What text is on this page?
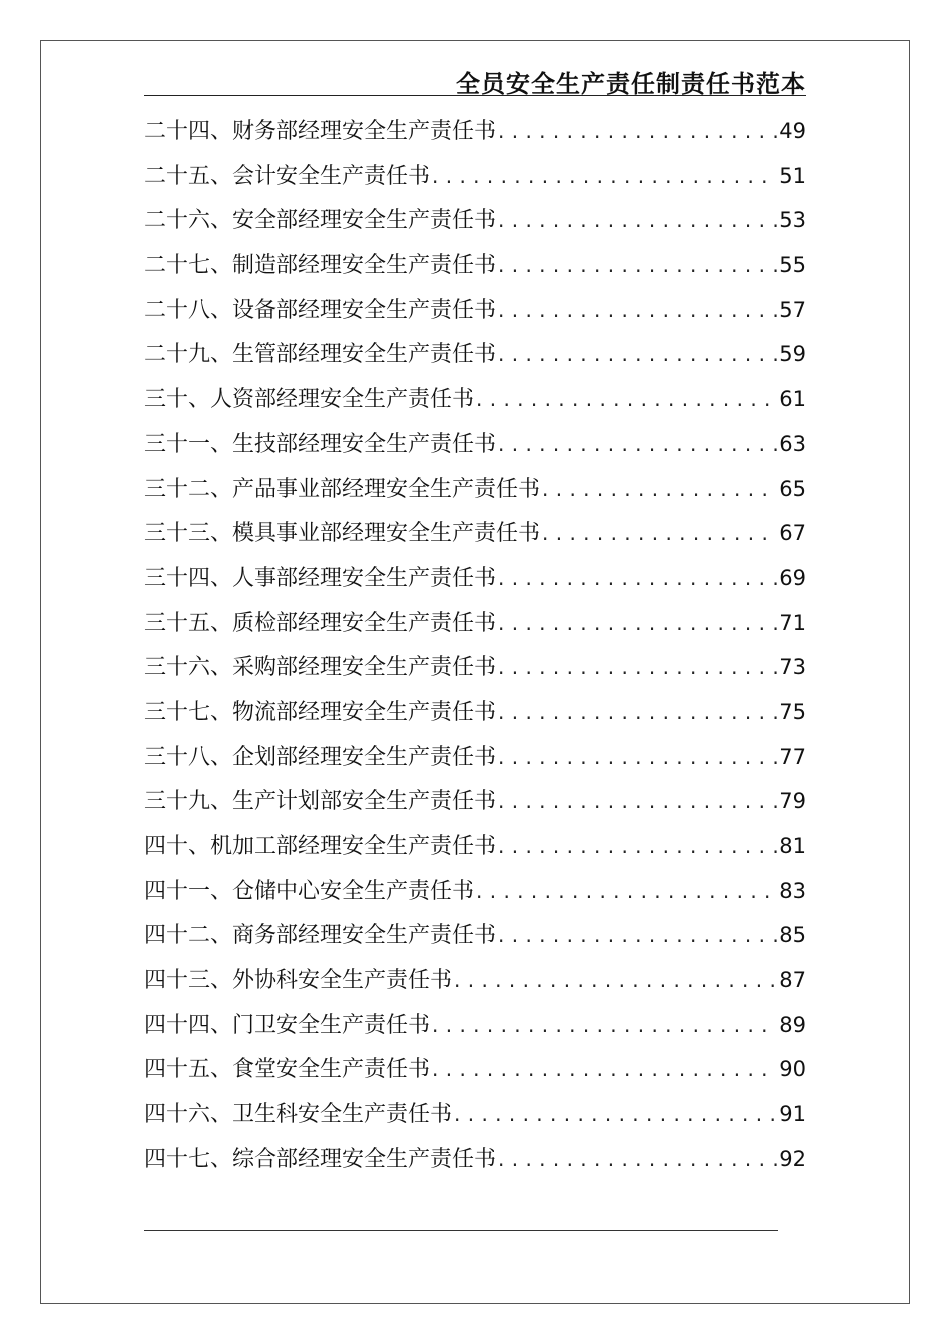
全员安全生产责任制责任书范本
二十四、财务部经理安全生产责任书 . . .	49
二十五、会计安全生产责任书 . . .	51
二十六、安全部经理安全生产责任书 . . .	53
二十七、制造部经理安全生产责任书 . . .	55
二十八、设备部经理安全生产责任书 . . .	57
二十九、生管部经理安全生产责任书 . . .	59
三十、人资部经理安全生产责任书 . . .	61
三十一、生技部经理安全生产责任书 . . .	63
三十二、产品事业部经理安全生产责任书 . . .	65
三十三、模具事业部经理安全生产责任书 . . .	67
三十四、人事部经理安全生产责任书 . . .	69
三十五、质检部经理安全生产责任书 . . .	71
三十六、采购部经理安全生产责任书 . . .	73
三十七、物流部经理安全生产责任书 . . .	75
三十八、企划部经理安全生产责任书 . . .	77
三十九、生产计划部安全生产责任书 . . .	79
四十、机加工部经理安全生产责任书 . . .	81
四十一、仓储中心安全生产责任书 . . .	83
四十二、商务部经理安全生产责任书 . . .	85
四十三、外协科安全生产责任书 . . .	87
四十四、门卫安全生产责任书 . . .	89
四十五、食堂安全生产责任书 . . .	90
四十六、卫生科安全生产责任书 . . .	91
四十七、综合部经理安全生产责任书 . . .	92
